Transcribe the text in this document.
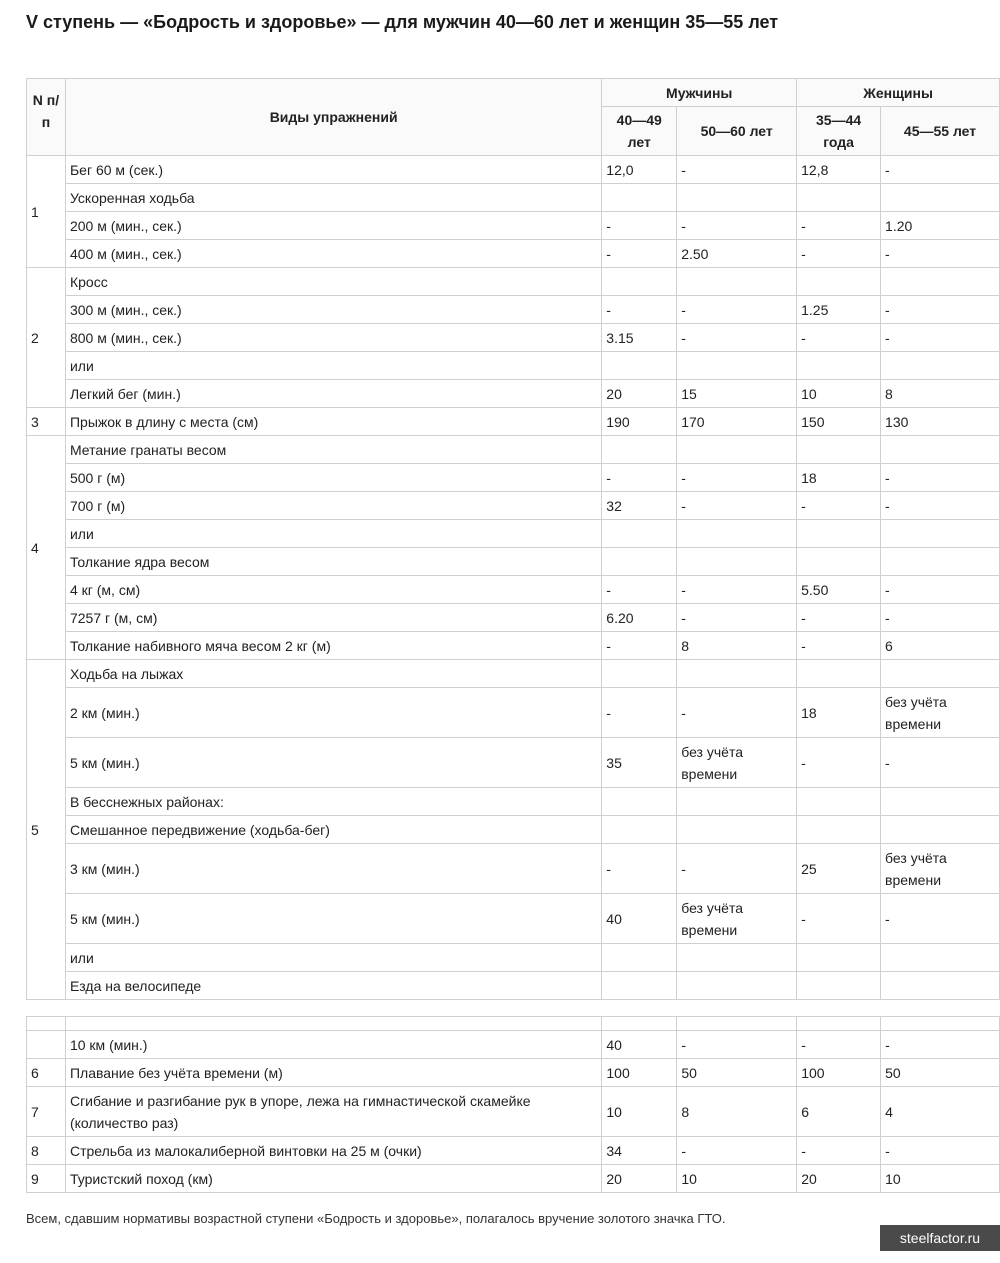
V ступень — «Бодрость и здоровье» — для мужчин 40—60 лет и женщин 35—55 лет
N п/п	Виды упражнений	Мужчины		Женщины	
		40—49 лет	50—60 лет	35—44 года	45—55 лет
1	Бег 60 м (сек.)	12,0	-	12,8	-
	Ускоренная ходьба				
	200 м (мин., сек.)	-	-	-	1.20
	400 м (мин., сек.)	-	2.50	-	-
2	Кросс				
	300 м (мин., сек.)	-	-	1.25	-
	800 м (мин., сек.)	3.15	-	-	-
	или				
	Легкий бег (мин.)	20	15	10	8
3	Прыжок в длину с места (см)	190	170	150	130
4	Метание гранаты весом				
	500 г (м)	-	-	18	-
	700 г (м)	32	-	-	-
	или				
	Толкание ядра весом				
	4 кг (м, см)	-	-	5.50	-
	7257 г (м, см)	6.20	-	-	-
	Толкание набивного мяча весом 2 кг (м)	-	8	-	6
5	Ходьба на лыжах				
	2 км (мин.)	-	-	18	без учёта времени
	5 км (мин.)	35	без учёта времени	-	-
	В бесснежных районах:				
	Смешанное передвижение (ходьба-бег)				
	3 км (мин.)	-	-	25	без учёта времени
	5 км (мин.)	40	без учёта времени	-	-
	или				
	Езда на велосипеде				

	10 км (мин.)	40	-	-	-
6	Плавание без учёта времени (м)	100	50	100	50
7	Сгибание и разгибание рук в упоре, лежа на гимнастической скамейке (количество раз)	10	8	6	4
8	Стрельба из малокалиберной винтовки на 25 м (очки)	34	-	-	-
9	Туристский поход (км)	20	10	20	10
Всем, сдавшим нормативы возрастной ступени «Бодрость и здоровье», полагалось вручение золотого значка ГТО.
steelfactor.ru
